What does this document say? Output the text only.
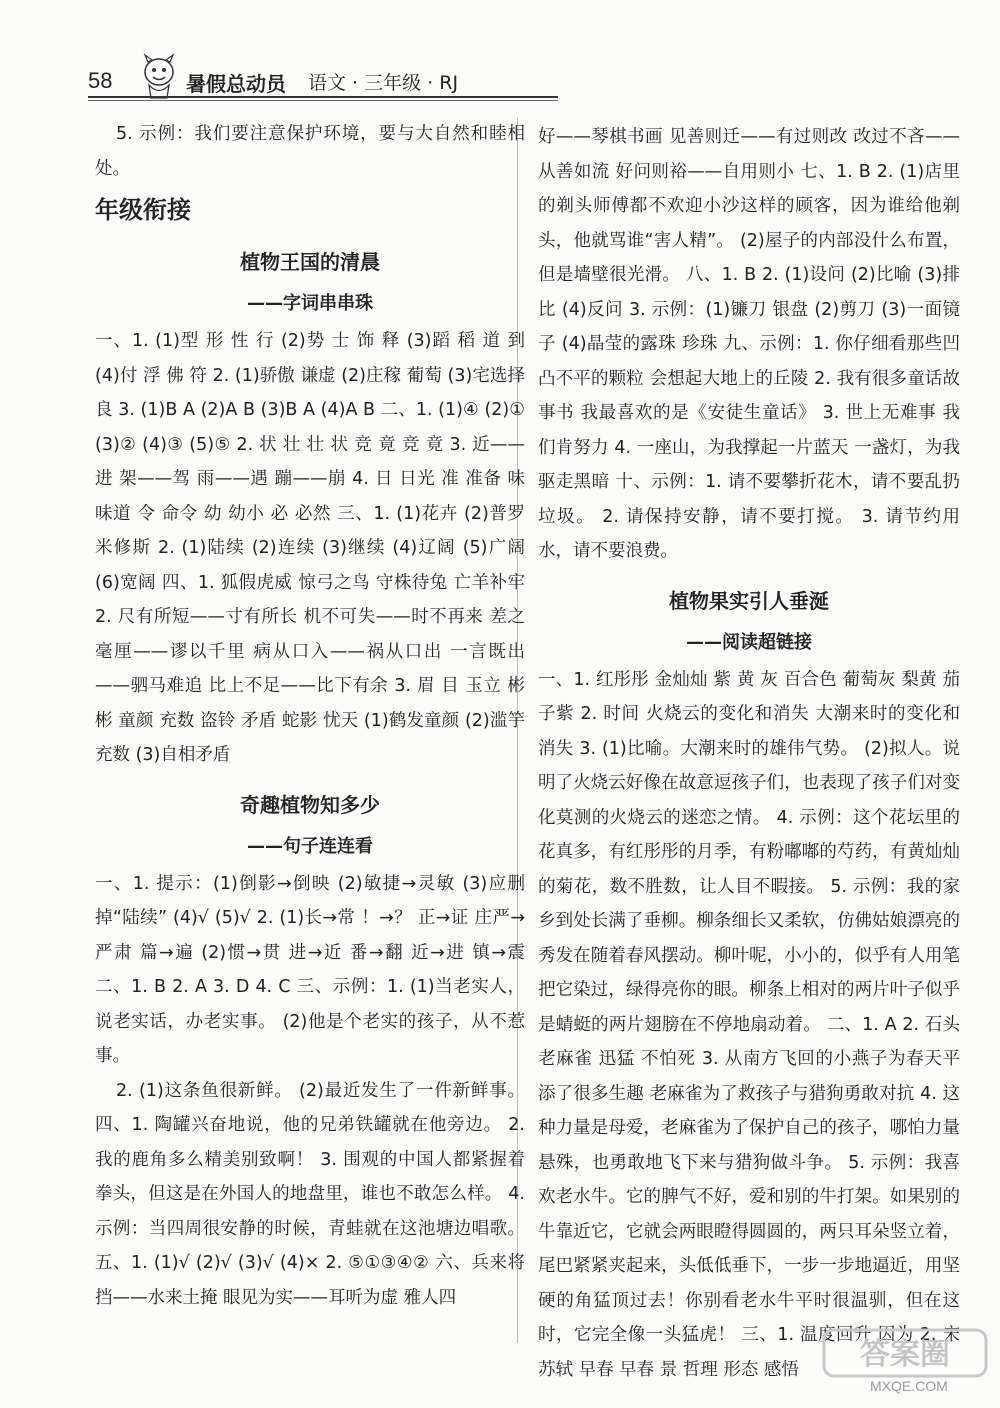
58	暑假总动员 语文 · 三年级 · RJ

5. 示例：我们要注意保护环境，要与大自然和睦相处。

年级衔接
植物王国的清晨
——字词串串珠

一、1. (1)型 形 性 行 (2)势 士 饰 释 (3)蹈 稻 道 到 (4)付 浮 佛 符 2. (1)骄傲 谦虚 (2)庄稼 葡萄 (3)宅选择良 3. (1)B A (2)A B (3)B A (4)A B 二、1. (1)④ (2)① (3)② (4)③ (5)⑤ 2. 状 壮 壮 状 竞 竟 竞 竟 3. 近——进 架——驾 雨——遇 蹦——崩 4. 日 日光 准 准备 味 味道 令 命令 幼 幼小 必 必然 三、1. (1)花卉 (2)普罗米修斯 2. (1)陆续 (2)连续 (3)继续 (4)辽阔 (5)广阔 (6)宽阔 四、1. 狐假虎威 惊弓之鸟 守株待兔 亡羊补牢 2. 尺有所短——寸有所长 机不可失——时不再来 差之毫厘——谬以千里 病从口入——祸从口出 一言既出——驷马难追 比上不足——比下有余 3. 眉 目 玉立 彬彬 童颜 充数 盗铃 矛盾 蛇影 忧天 (1)鹤发童颜 (2)滥竽充数 (3)自相矛盾

奇趣植物知多少
——句子连连看

一、1. 提示：(1)倒影→倒映 (2)敏捷→灵敏 (3)应删掉“陆续” (4)√ (5)√ 2. (1)长→常 ！→？ 正→证 庄严→严肃 篇→遍 (2)惯→贯 进→近 番→翻 近→进 镇→震 二、1. B 2. A 3. D 4. C 三、示例：1. (1)当老实人，说老实话，办老实事。 (2)他是个老实的孩子，从不惹事。

2. (1)这条鱼很新鲜。 (2)最近发生了一件新鲜事。 四、1. 陶罐兴奋地说，他的兄弟铁罐就在他旁边。 2. 我的鹿角多么精美别致啊！ 3. 围观的中国人都紧握着拳头，但这是在外国人的地盘里，谁也不敢怎么样。 4. 示例：当四周很安静的时候，青蛙就在这池塘边唱歌。 五、1. (1)√ (2)√ (3)√ (4)× 2. ⑤①③④② 六、兵来将挡——水来土掩 眼见为实——耳听为虚 雅人四

好——琴棋书画 见善则迁——有过则改 改过不吝——从善如流 好问则裕——自用则小 七、1. B 2. (1)店里的剃头师傅都不欢迎小沙这样的顾客，因为谁给他剃头，他就骂谁“害人精”。 (2)屋子的内部没什么布置，但是墙壁很光滑。 八、1. B 2. (1)设问 (2)比喻 (3)排比 (4)反问 3. 示例：(1)镰刀 银盘 (2)剪刀 (3)一面镜子 (4)晶莹的露珠 珍珠 九、示例：1. 你仔细看那些凹凸不平的颗粒 会想起大地上的丘陵 2. 我有很多童话故事书 我最喜欢的是《安徒生童话》 3. 世上无难事 我们肯努力 4. 一座山，为我撑起一片蓝天 一盏灯，为我驱走黑暗 十、示例：1. 请不要攀折花木，请不要乱扔垃圾。 2. 请保持安静，请不要打搅。 3. 请节约用水，请不要浪费。

植物果实引人垂涎
——阅读超链接

一、1. 红彤彤 金灿灿 紫 黄 灰 百合色 葡萄灰 梨黄 茄子紫 2. 时间 火烧云的变化和消失 大潮来时的变化和消失 3. (1)比喻。大潮来时的雄伟气势。 (2)拟人。说明了火烧云好像在故意逗孩子们，也表现了孩子们对变化莫测的火烧云的迷恋之情。 4. 示例：这个花坛里的花真多，有红彤彤的月季，有粉嘟嘟的芍药，有黄灿灿的菊花，数不胜数，让人目不暇接。 5. 示例：我的家乡到处长满了垂柳。柳条细长又柔软，仿佛姑娘漂亮的秀发在随着春风摆动。柳叶呢，小小的，似乎有人用笔把它染过，绿得亮你的眼。柳条上相对的两片叶子似乎是蜻蜓的两片翅膀在不停地扇动着。 二、1. A 2. 石头 老麻雀 迅猛 不怕死 3. 从南方飞回的小燕子为春天平添了很多生趣 老麻雀为了救孩子与猎狗勇敢对抗 4. 这种力量是母爱，老麻雀为了保护自己的孩子，哪怕力量悬殊，也勇敢地飞下来与猎狗做斗争。 5. 示例：我喜欢老水牛。它的脾气不好，爱和别的牛打架。如果别的牛靠近它，它就会两眼瞪得圆圆的，两只耳朵竖立着，尾巴紧紧夹起来，头低低垂下，一步一步地逼近，用坚硬的角猛顶过去！你别看老水牛平时很温驯，但在这时，它完全像一头猛虎！ 三、1. 温度回升 因为 2. 宋 苏轼 早春 早春 景 哲理 形态 感悟	答案圈
MXQE.COM
